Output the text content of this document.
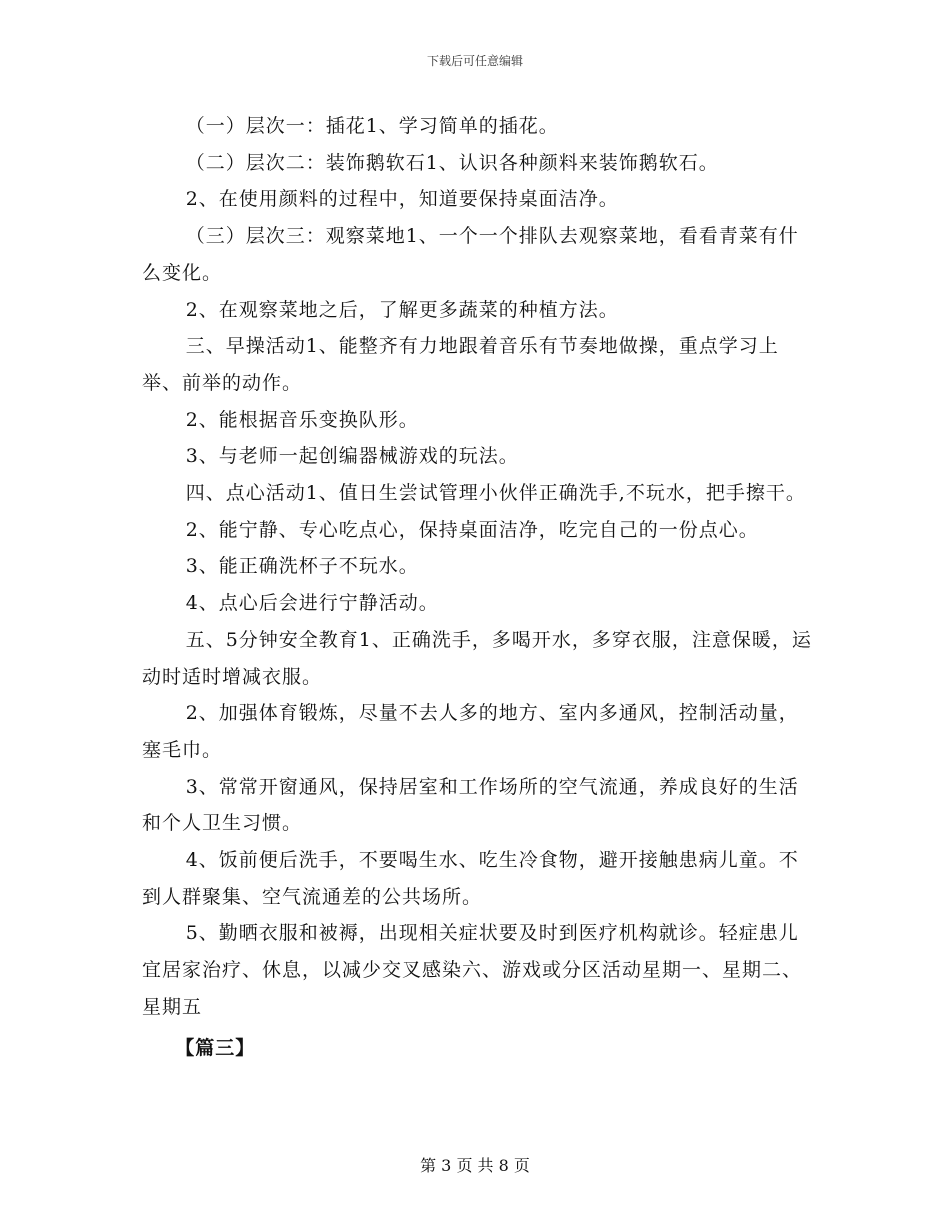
下载后可任意编辑

（一）层次一：插花1、学习简单的插花。

（二）层次二：装饰鹅软石1、认识各种颜料来装饰鹅软石。

2、在使用颜料的过程中，知道要保持桌面洁净。

（三）层次三：观察菜地1、一个一个排队去观察菜地，看看青菜有什么变化。

2、在观察菜地之后，了解更多蔬菜的种植方法。

三、早操活动1、能整齐有力地跟着音乐有节奏地做操，重点学习上举、前举的动作。

2、能根据音乐变换队形。

3、与老师一起创编器械游戏的玩法。

四、点心活动1、值日生尝试管理小伙伴正确洗手,不玩水，把手擦干。

2、能宁静、专心吃点心，保持桌面洁净，吃完自己的一份点心。

3、能正确洗杯子不玩水。

4、点心后会进行宁静活动。

五、5分钟安全教育1、正确洗手，多喝开水，多穿衣服，注意保暖，运动时适时增减衣服。

2、加强体育锻炼，尽量不去人多的地方、室内多通风，控制活动量，塞毛巾。

3、常常开窗通风，保持居室和工作场所的空气流通，养成良好的生活和个人卫生习惯。

4、饭前便后洗手，不要喝生水、吃生冷食物，避开接触患病儿童。不到人群聚集、空气流通差的公共场所。

5、勤晒衣服和被褥，出现相关症状要及时到医疗机构就诊。轻症患儿宜居家治疗、休息，以减少交叉感染六、游戏或分区活动星期一、星期二、星期五

【篇三】

第 3 页 共 8 页
